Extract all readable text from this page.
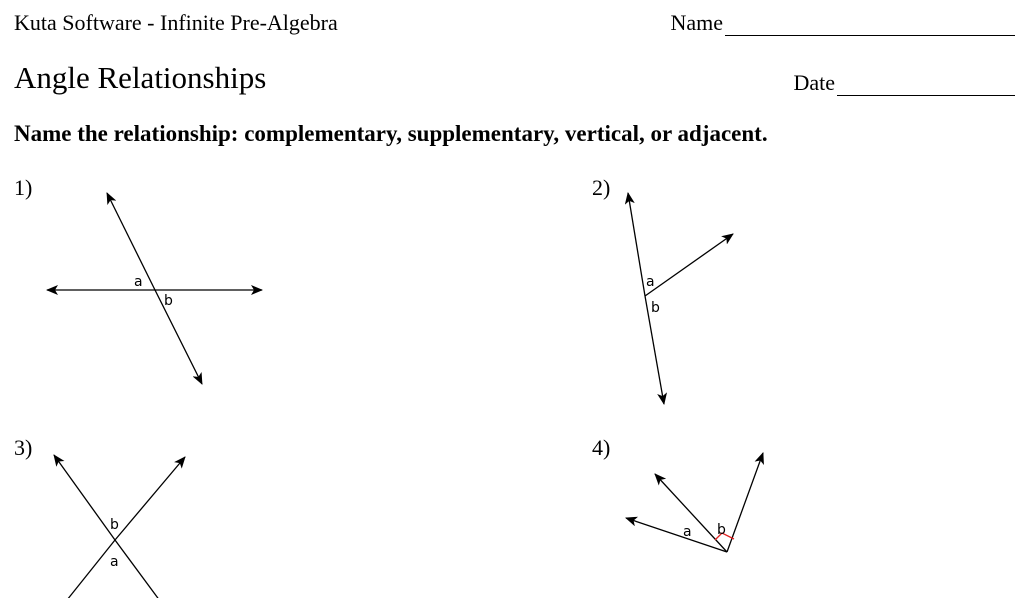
Kuta Software - Infinite Pre-Algebra	Name
Angle Relationships	Date
Name the relationship: complementary, supplementary, vertical, or adjacent.
1)	2)
3)	4)
a
b
a
b
b
a
a b
